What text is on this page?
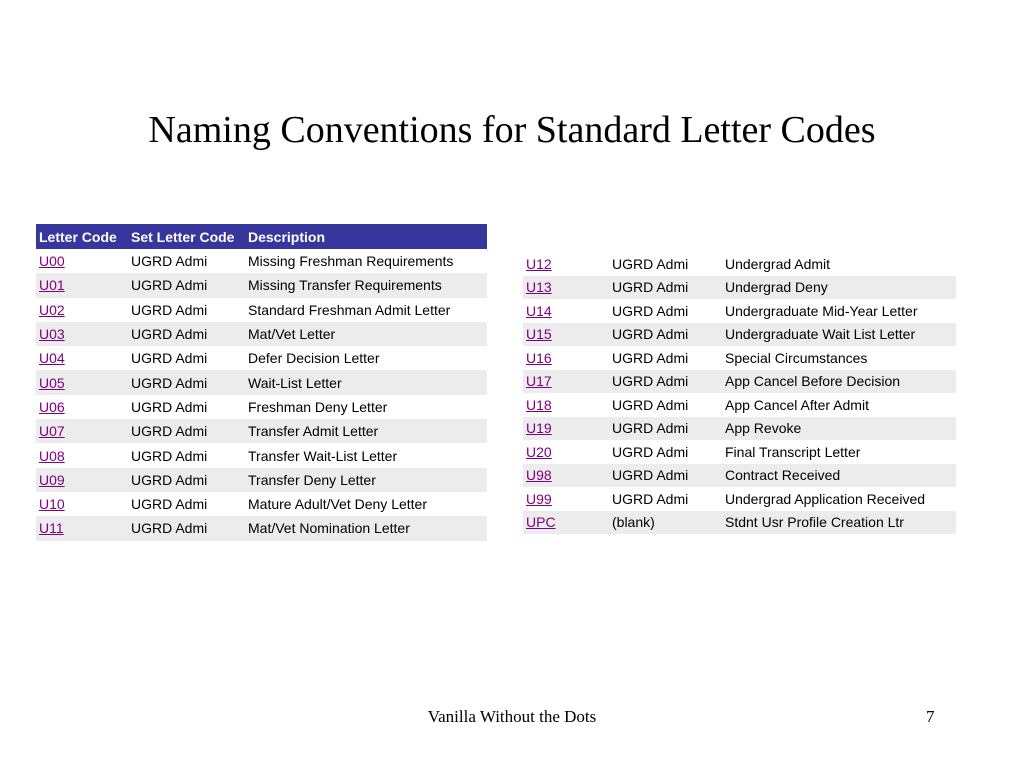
Naming Conventions for Standard Letter Codes
Letter Code	Set Letter Code	Description
U00	UGRD Admi	Missing Freshman Requirements
U01	UGRD Admi	Missing Transfer Requirements
U02	UGRD Admi	Standard Freshman Admit Letter
U03	UGRD Admi	Mat/Vet Letter
U04	UGRD Admi	Defer Decision Letter
U05	UGRD Admi	Wait-List Letter
U06	UGRD Admi	Freshman Deny Letter
U07	UGRD Admi	Transfer Admit Letter
U08	UGRD Admi	Transfer Wait-List Letter
U09	UGRD Admi	Transfer Deny Letter
U10	UGRD Admi	Mature Adult/Vet Deny Letter
U11	UGRD Admi	Mat/Vet Nomination Letter
U12	UGRD Admi	Undergrad Admit
U13	UGRD Admi	Undergrad Deny
U14	UGRD Admi	Undergraduate Mid-Year Letter
U15	UGRD Admi	Undergraduate Wait List Letter
U16	UGRD Admi	Special Circumstances
U17	UGRD Admi	App Cancel Before Decision
U18	UGRD Admi	App Cancel After Admit
U19	UGRD Admi	App Revoke
U20	UGRD Admi	Final Transcript Letter
U98	UGRD Admi	Contract Received
U99	UGRD Admi	Undergrad Application Received
UPC	(blank)	Stdnt Usr Profile Creation Ltr
Vanilla Without the Dots	7
